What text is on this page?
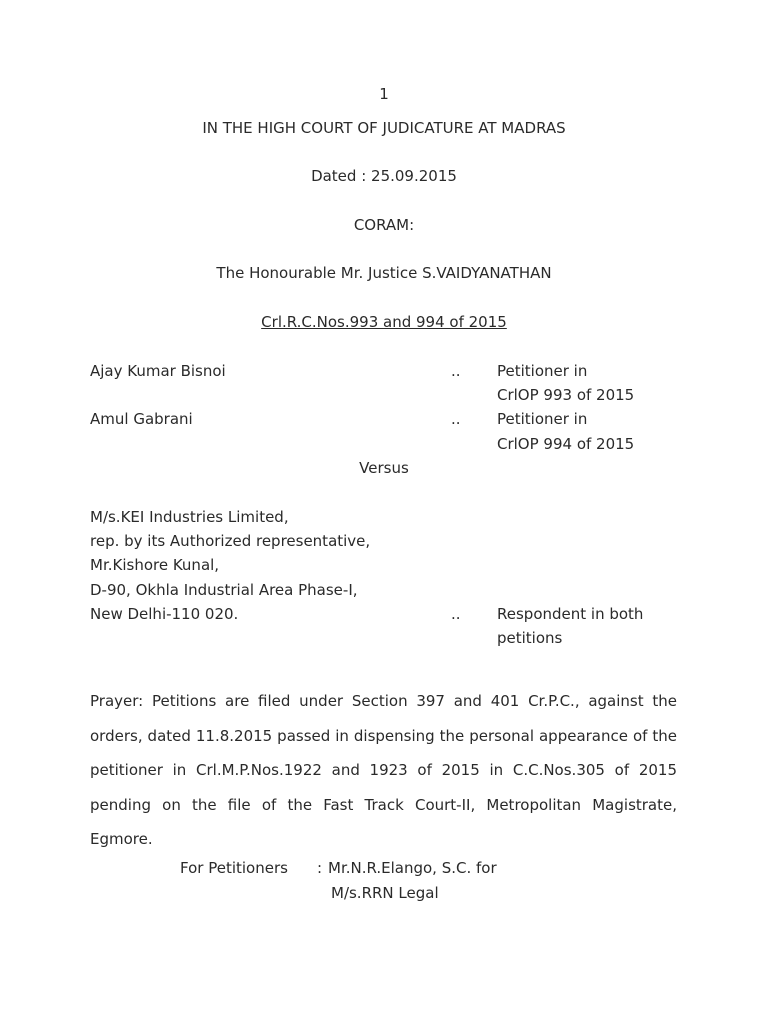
1
IN THE HIGH COURT OF JUDICATURE AT MADRAS
Dated : 25.09.2015
CORAM:
The Honourable Mr. Justice S.VAIDYANATHAN
Crl.R.C.Nos.993 and 994 of 2015
Ajay Kumar Bisnoi	.. Petitioner in
CrlOP 993 of 2015
Amul Gabrani	.. Petitioner in
CrlOP 994 of 2015
Versus
M/s.KEI Industries Limited,
rep. by its Authorized representative,
Mr.Kishore Kunal,
D-90, Okhla Industrial Area Phase-I,
New Delhi-110 020.	.. Respondent in both
petitions
Prayer: Petitions are filed under Section 397 and 401 Cr.P.C., against the orders, dated 11.8.2015 passed in dispensing the personal appearance of the petitioner in Crl.M.P.Nos.1922 and 1923 of 2015 in C.C.Nos.305 of 2015 pending on the file of the Fast Track Court-II, Metropolitan Magistrate, Egmore.
For Petitioners : Mr.N.R.Elango, S.C. for
M/s.RRN Legal
